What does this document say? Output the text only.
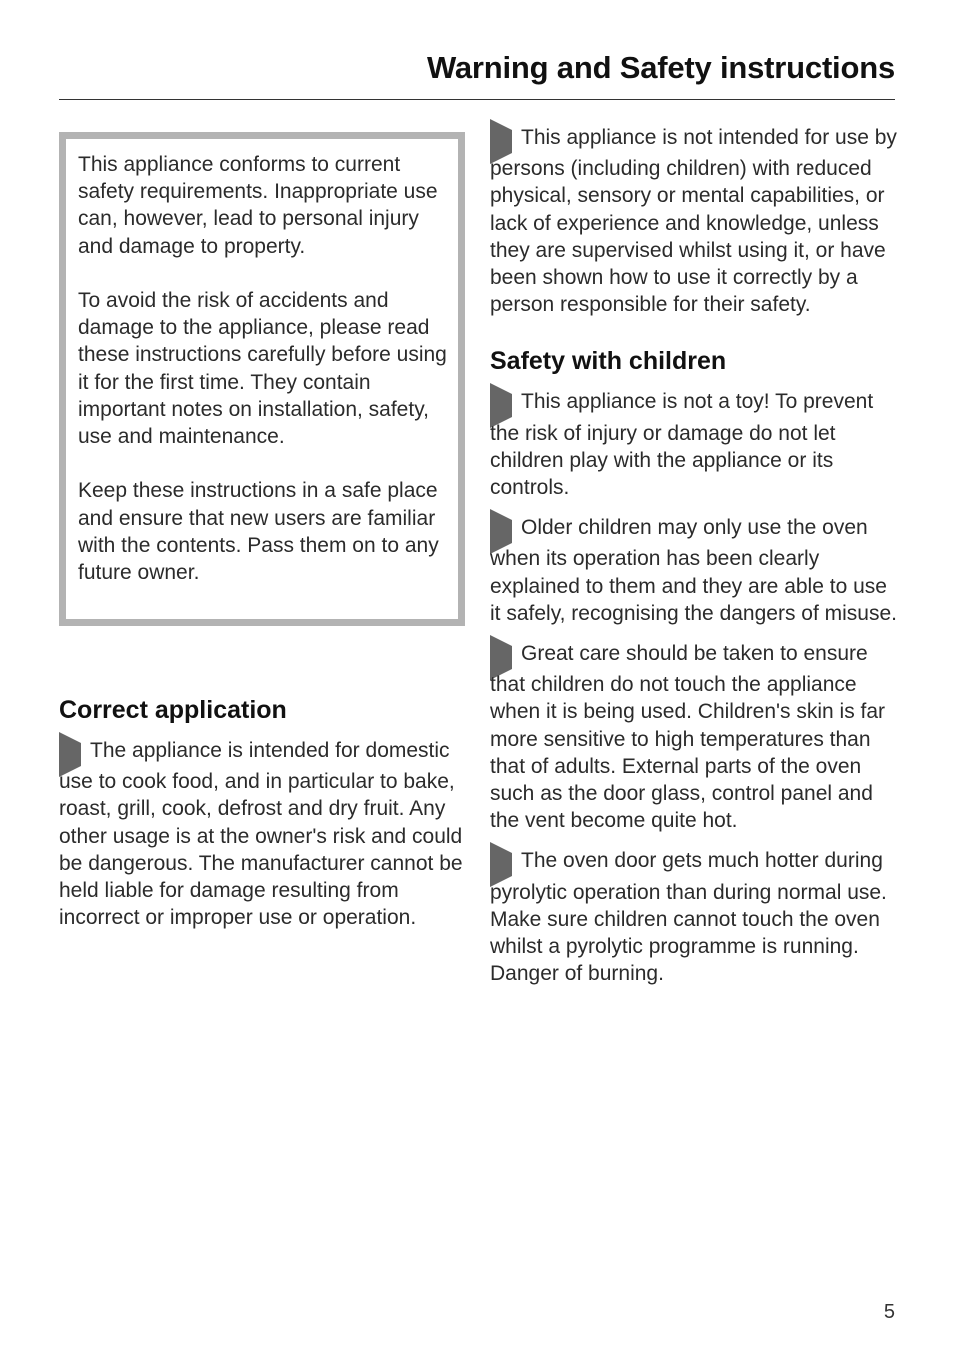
Warning and Safety instructions

This appliance conforms to current safety requirements. Inappropriate use can, however, lead to personal injury and damage to property.

To avoid the risk of accidents and damage to the appliance, please read these instructions carefully before using it for the first time. They contain important notes on installation, safety, use and maintenance.

Keep these instructions in a safe place and ensure that new users are familiar with the contents. Pass them on to any future owner.

Correct application

The appliance is intended for domestic use to cook food, and in particular to bake, roast, grill, cook, defrost and dry fruit. Any other usage is at the owner's risk and could be dangerous. The manufacturer cannot be held liable for damage resulting from incorrect or improper use or operation.

This appliance is not intended for use by persons (including children) with reduced physical, sensory or mental capabilities, or lack of experience and knowledge, unless they are supervised whilst using it, or have been shown how to use it correctly by a person responsible for their safety.

Safety with children

This appliance is not a toy! To prevent the risk of injury or damage do not let children play with the appliance or its controls.

Older children may only use the oven when its operation has been clearly explained to them and they are able to use it safely, recognising the dangers of misuse.

Great care should be taken to ensure that children do not touch the appliance when it is being used. Children's skin is far more sensitive to high temperatures than that of adults. External parts of the oven such as the door glass, control panel and the vent become quite hot.

The oven door gets much hotter during pyrolytic operation than during normal use.
Make sure children cannot touch the oven whilst a pyrolytic programme is running. Danger of burning.

5
